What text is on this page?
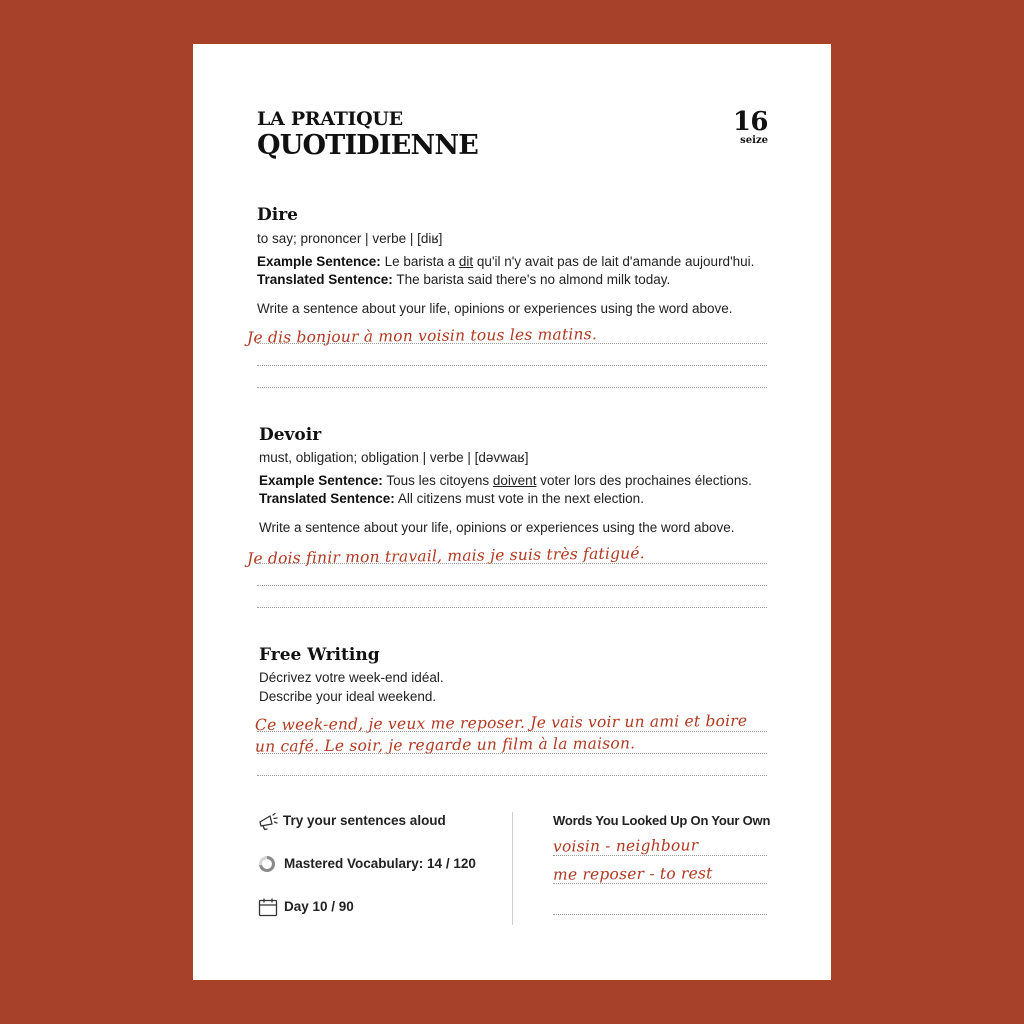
LA PRATIQUE
QUOTIDIENNE
16
seize
Dire
to say; prononcer | verbe | [diʁ]
Example Sentence: Le barista a dit qu'il n'y avait pas de lait d'amande aujourd'hui.
Translated Sentence: The barista said there's no almond milk today.
Write a sentence about your life, opinions or experiences using the word above.
Je dis bonjour à mon voisin tous les matins.
Devoir
must, obligation; obligation | verbe | [dəvwaʁ]
Example Sentence: Tous les citoyens doivent voter lors des prochaines élections.
Translated Sentence: All citizens must vote in the next election.
Write a sentence about your life, opinions or experiences using the word above.
Je dois finir mon travail, mais je suis très fatigué.
Free Writing
Décrivez votre week-end idéal.
Describe your ideal weekend.
Ce week-end, je veux me reposer. Je vais voir un ami et boire
un café. Le soir, je regarde un film à la maison.
Try your sentences aloud
Mastered Vocabulary: 14 / 120
Day 10 / 90
Words You Looked Up On Your Own
voisin - neighbour
me reposer - to rest
